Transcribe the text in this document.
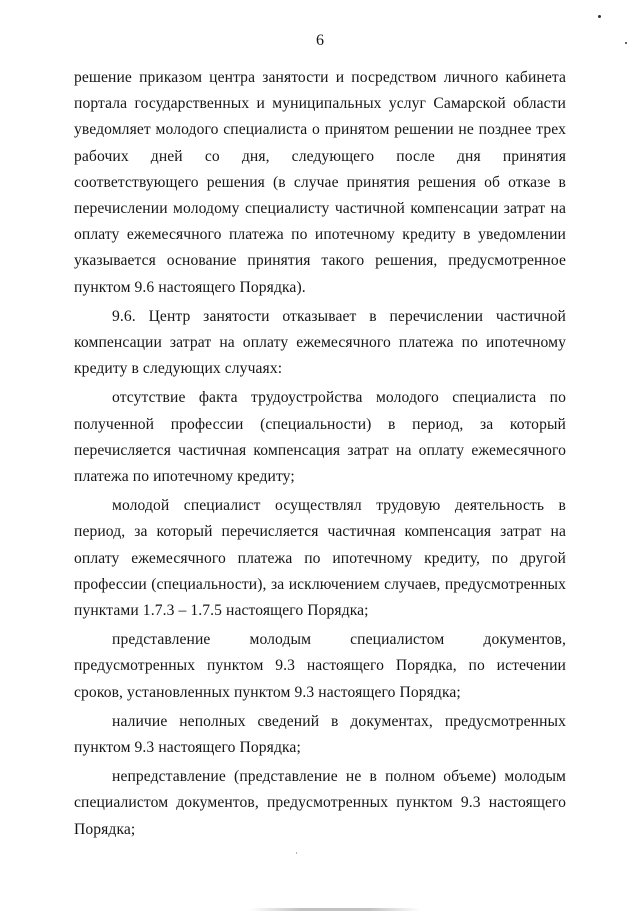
6

решение приказом центра занятости и посредством личного кабинета портала государственных и муниципальных услуг Самарской области уведомляет молодого специалиста о принятом решении не позднее трех рабочих дней со дня, следующего после дня принятия соответствующего решения (в случае принятия решения об отказе в перечислении молодому специалисту частичной компенсации затрат на оплату ежемесячного платежа по ипотечному кредиту в уведомлении указывается основание принятия такого решения, предусмотренное пунктом 9.6 настоящего Порядка).

9.6. Центр занятости отказывает в перечислении частичной компенсации затрат на оплату ежемесячного платежа по ипотечному кредиту в следующих случаях:

отсутствие факта трудоустройства молодого специалиста по полученной профессии (специальности) в период, за который перечисляется частичная компенсация затрат на оплату ежемесячного платежа по ипотечному кредиту;

молодой специалист осуществлял трудовую деятельность в период, за который перечисляется частичная компенсация затрат на оплату ежемесячного платежа по ипотечному кредиту, по другой профессии (специальности), за исключением случаев, предусмотренных пунктами 1.7.3 – 1.7.5 настоящего Порядка;

представление молодым специалистом документов, предусмотренных пунктом 9.3 настоящего Порядка, по истечении сроков, установленных пунктом 9.3 настоящего Порядка;

наличие неполных сведений в документах, предусмотренных пунктом 9.3 настоящего Порядка;

непредставление (представление не в полном объеме) молодым специалистом документов, предусмотренных пунктом 9.3 настоящего Порядка;
